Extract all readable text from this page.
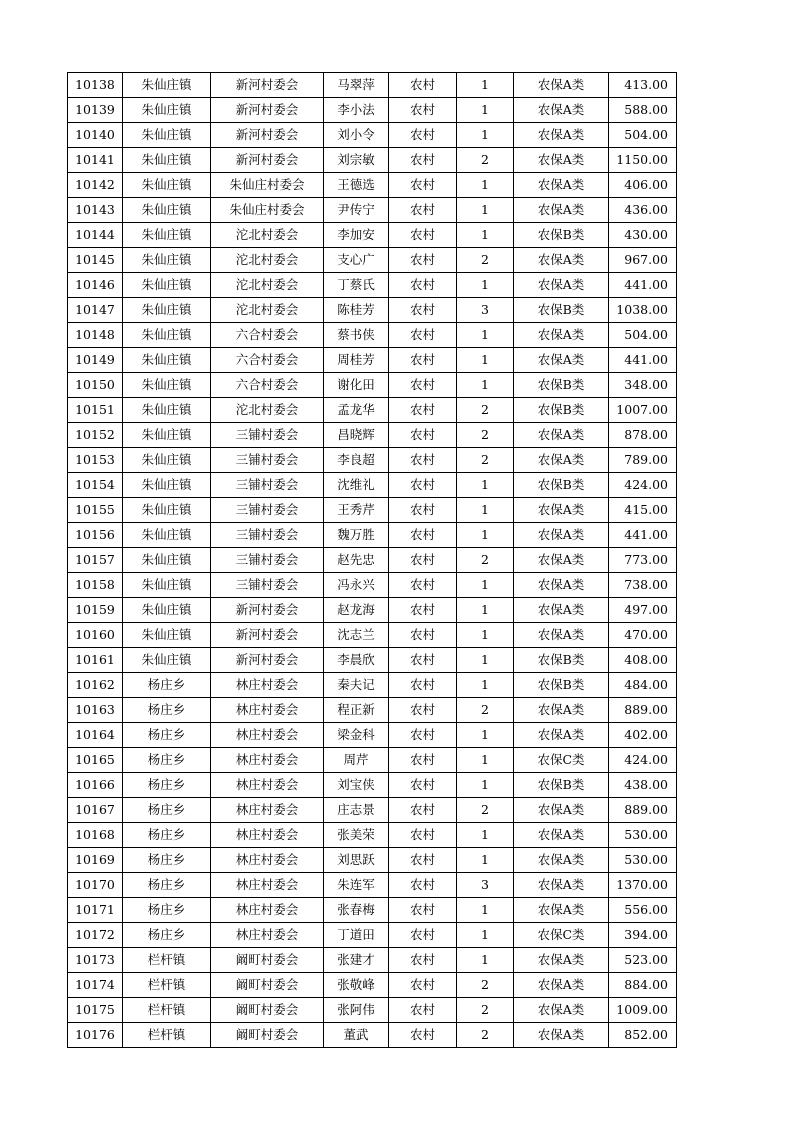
10138	朱仙庄镇	新河村委会	马翠萍	农村	1	农保A类	413.00
10139	朱仙庄镇	新河村委会	李小法	农村	1	农保A类	588.00
10140	朱仙庄镇	新河村委会	刘小令	农村	1	农保A类	504.00
10141	朱仙庄镇	新河村委会	刘宗敏	农村	2	农保A类	1150.00
10142	朱仙庄镇	朱仙庄村委会	王德选	农村	1	农保A类	406.00
10143	朱仙庄镇	朱仙庄村委会	尹传宁	农村	1	农保A类	436.00
10144	朱仙庄镇	沱北村委会	李加安	农村	1	农保B类	430.00
10145	朱仙庄镇	沱北村委会	支心广	农村	2	农保A类	967.00
10146	朱仙庄镇	沱北村委会	丁蔡氏	农村	1	农保A类	441.00
10147	朱仙庄镇	沱北村委会	陈桂芳	农村	3	农保B类	1038.00
10148	朱仙庄镇	六合村委会	蔡书侠	农村	1	农保A类	504.00
10149	朱仙庄镇	六合村委会	周桂芳	农村	1	农保A类	441.00
10150	朱仙庄镇	六合村委会	谢化田	农村	1	农保B类	348.00
10151	朱仙庄镇	沱北村委会	孟龙华	农村	2	农保B类	1007.00
10152	朱仙庄镇	三铺村委会	昌晓辉	农村	2	农保A类	878.00
10153	朱仙庄镇	三铺村委会	李良超	农村	2	农保A类	789.00
10154	朱仙庄镇	三铺村委会	沈维礼	农村	1	农保B类	424.00
10155	朱仙庄镇	三铺村委会	王秀芹	农村	1	农保A类	415.00
10156	朱仙庄镇	三铺村委会	魏万胜	农村	1	农保A类	441.00
10157	朱仙庄镇	三铺村委会	赵先忠	农村	2	农保A类	773.00
10158	朱仙庄镇	三铺村委会	冯永兴	农村	1	农保A类	738.00
10159	朱仙庄镇	新河村委会	赵龙海	农村	1	农保A类	497.00
10160	朱仙庄镇	新河村委会	沈志兰	农村	1	农保A类	470.00
10161	朱仙庄镇	新河村委会	李晨欣	农村	1	农保B类	408.00
10162	杨庄乡	林庄村委会	秦夫记	农村	1	农保B类	484.00
10163	杨庄乡	林庄村委会	程正新	农村	2	农保A类	889.00
10164	杨庄乡	林庄村委会	梁金科	农村	1	农保A类	402.00
10165	杨庄乡	林庄村委会	周芹	农村	1	农保C类	424.00
10166	杨庄乡	林庄村委会	刘宝侠	农村	1	农保B类	438.00
10167	杨庄乡	林庄村委会	庄志景	农村	2	农保A类	889.00
10168	杨庄乡	林庄村委会	张美荣	农村	1	农保A类	530.00
10169	杨庄乡	林庄村委会	刘思跃	农村	1	农保A类	530.00
10170	杨庄乡	林庄村委会	朱连军	农村	3	农保A类	1370.00
10171	杨庄乡	林庄村委会	张春梅	农村	1	农保A类	556.00
10172	杨庄乡	林庄村委会	丁道田	农村	1	农保C类	394.00
10173	栏杆镇	阚町村委会	张建才	农村	1	农保A类	523.00
10174	栏杆镇	阚町村委会	张敬峰	农村	2	农保A类	884.00
10175	栏杆镇	阚町村委会	张阿伟	农村	2	农保A类	1009.00
10176	栏杆镇	阚町村委会	董武	农村	2	农保A类	852.00
